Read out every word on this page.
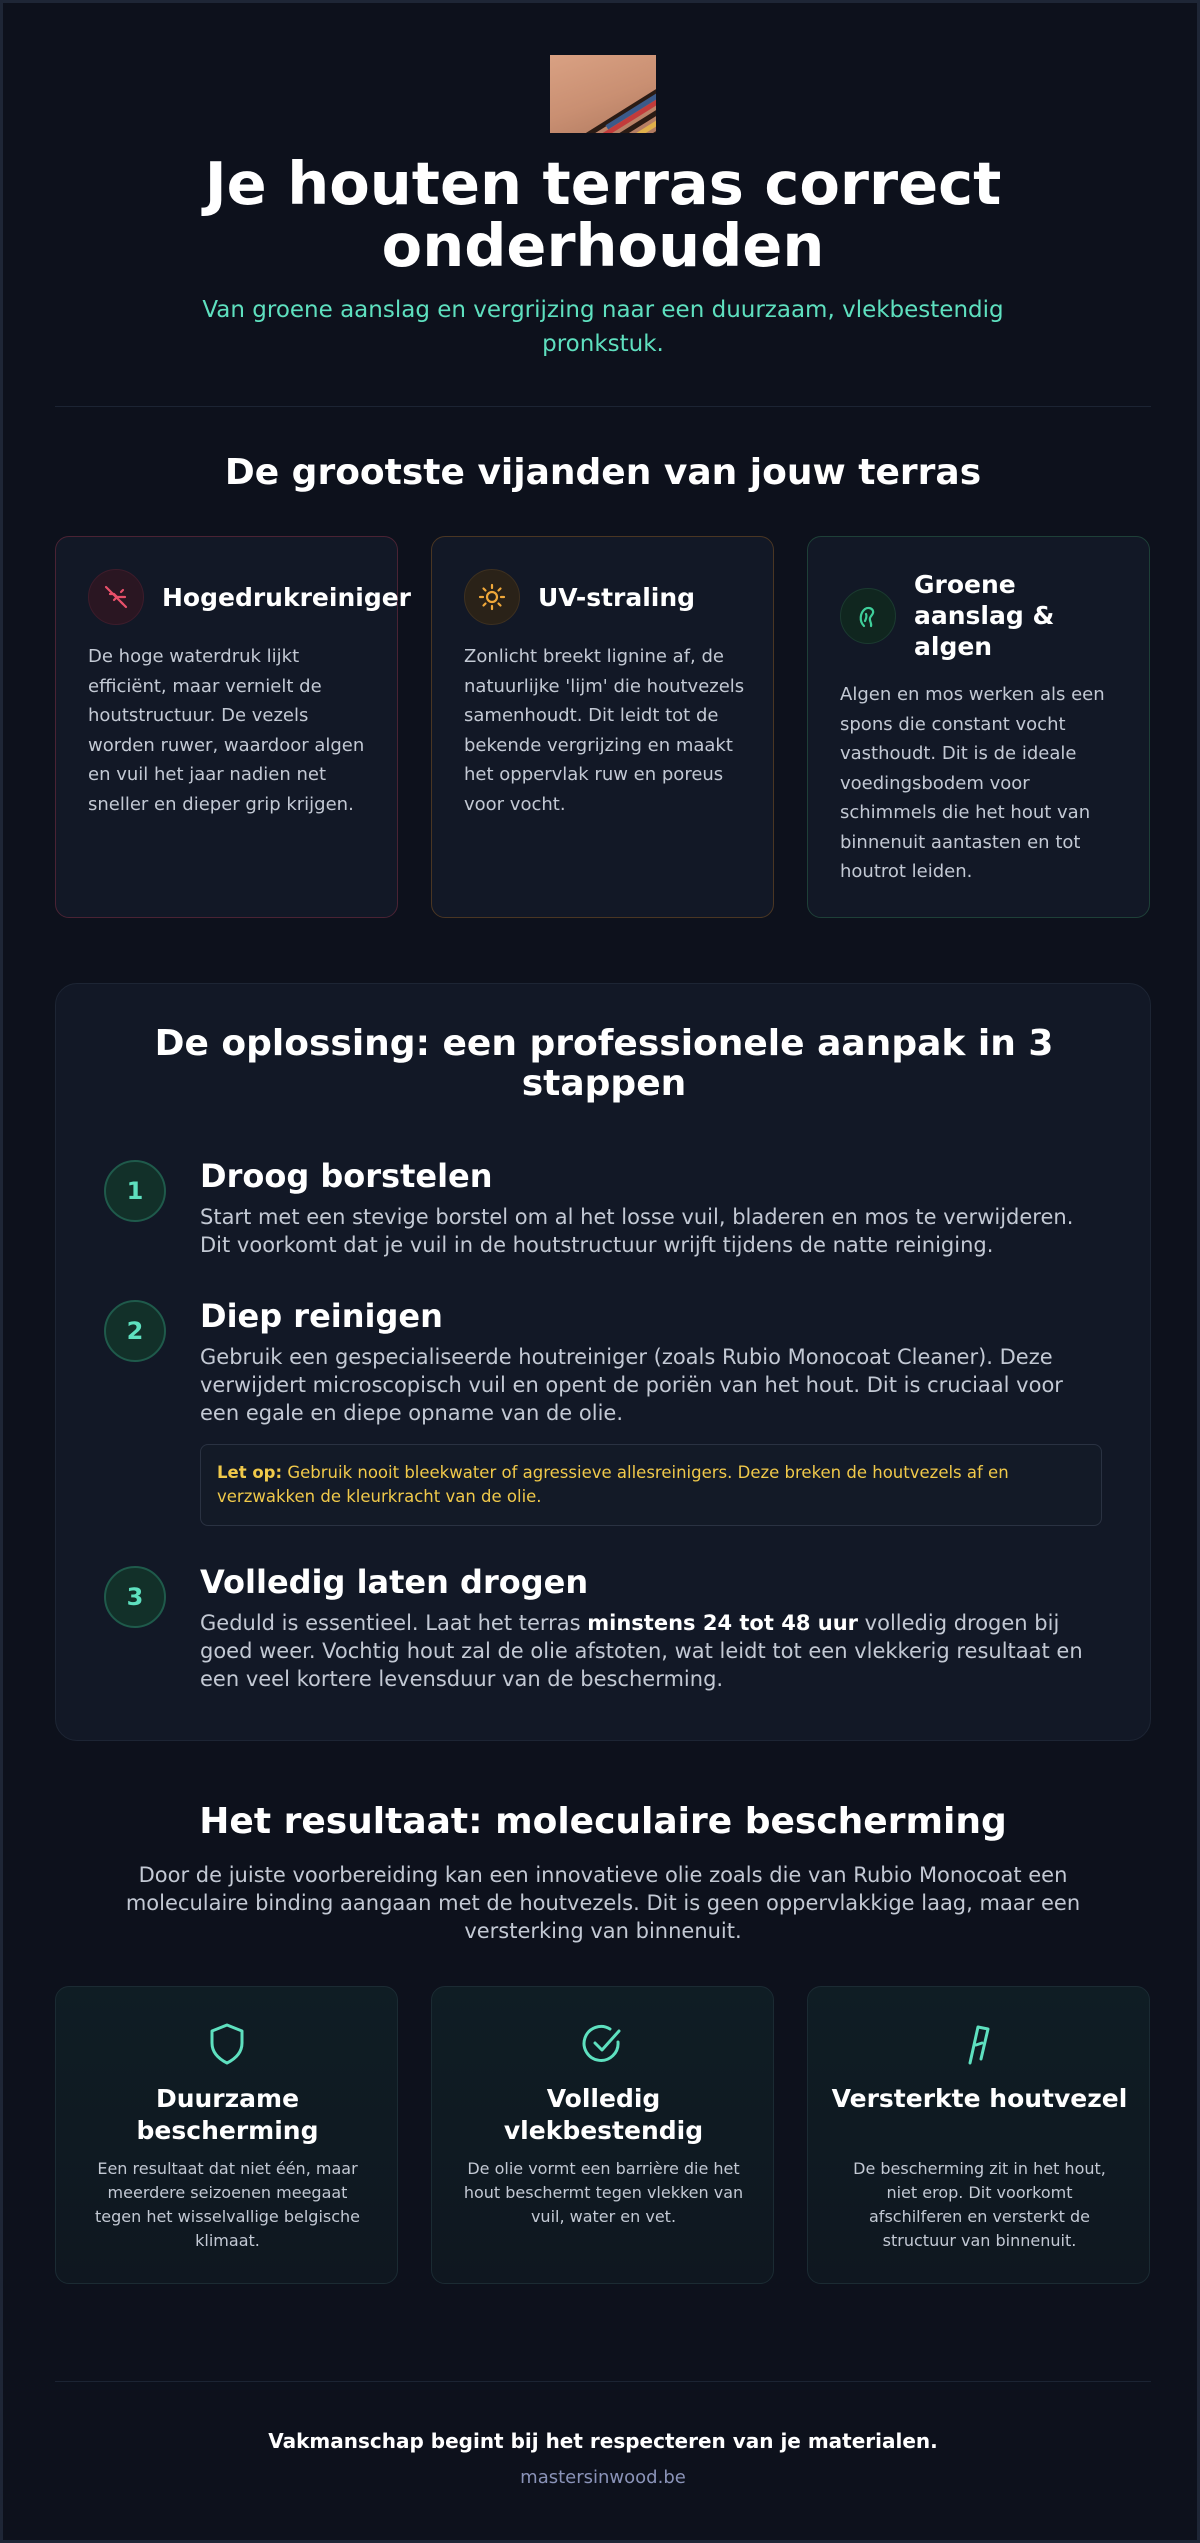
Je houten terras correct onderhouden

Van groene aanslag en vergrijzing naar een duurzaam, vlekbestendig pronkstuk.

De grootste vijanden van jouw terras
Hogedrukreiniger

De hoge waterdruk lijkt efficiënt, maar vernielt de houtstructuur. De vezels worden ruwer, waardoor algen en vuil het jaar nadien net sneller en dieper grip krijgen.

UV-straling

Zonlicht breekt lignine af, de natuurlijke 'lijm' die houtvezels samenhoudt. Dit leidt tot de bekende vergrijzing en maakt het oppervlak ruw en poreus voor vocht.

Groene aanslag & algen

Algen en mos werken als een spons die constant vocht vasthoudt. Dit is de ideale voedingsbodem voor schimmels die het hout van binnenuit aantasten en tot houtrot leiden.

De oplossing: een professionele aanpak in 3 stappen
1	Droog borstelen

Start met een stevige borstel om al het losse vuil, bladeren en mos te verwijderen. Dit voorkomt dat je vuil in de houtstructuur wrijft tijdens de natte reiniging.

2	Diep reinigen

Gebruik een gespecialiseerde houtreiniger (zoals Rubio Monocoat Cleaner). Deze verwijdert microscopisch vuil en opent de poriën van het hout. Dit is cruciaal voor een egale en diepe opname van de olie.

Let op: Gebruik nooit bleekwater of agressieve allesreinigers. Deze breken de houtvezels af en verzwakken de kleurkracht van de olie.
3	Volledig laten drogen

Geduld is essentieel. Laat het terras minstens 24 tot 48 uur volledig drogen bij goed weer. Vochtig hout zal de olie afstoten, wat leidt tot een vlekkerig resultaat en een veel kortere levensduur van de bescherming.

Het resultaat: moleculaire bescherming

Door de juiste voorbereiding kan een innovatieve olie zoals die van Rubio Monocoat een moleculaire binding aangaan met de houtvezels. Dit is geen oppervlakkige laag, maar een versterking van binnenuit.

Duurzame bescherming

Een resultaat dat niet één, maar meerdere seizoenen meegaat tegen het wisselvallige belgische klimaat.

Volledig vlekbestendig

De olie vormt een barrière die het hout beschermt tegen vlekken van vuil, water en vet.

Versterkte houtvezel

De bescherming zit in het hout, niet erop. Dit voorkomt afschilferen en versterkt de structuur van binnenuit.

Vakmanschap begint bij het respecteren van je materialen.

mastersinwood.be
